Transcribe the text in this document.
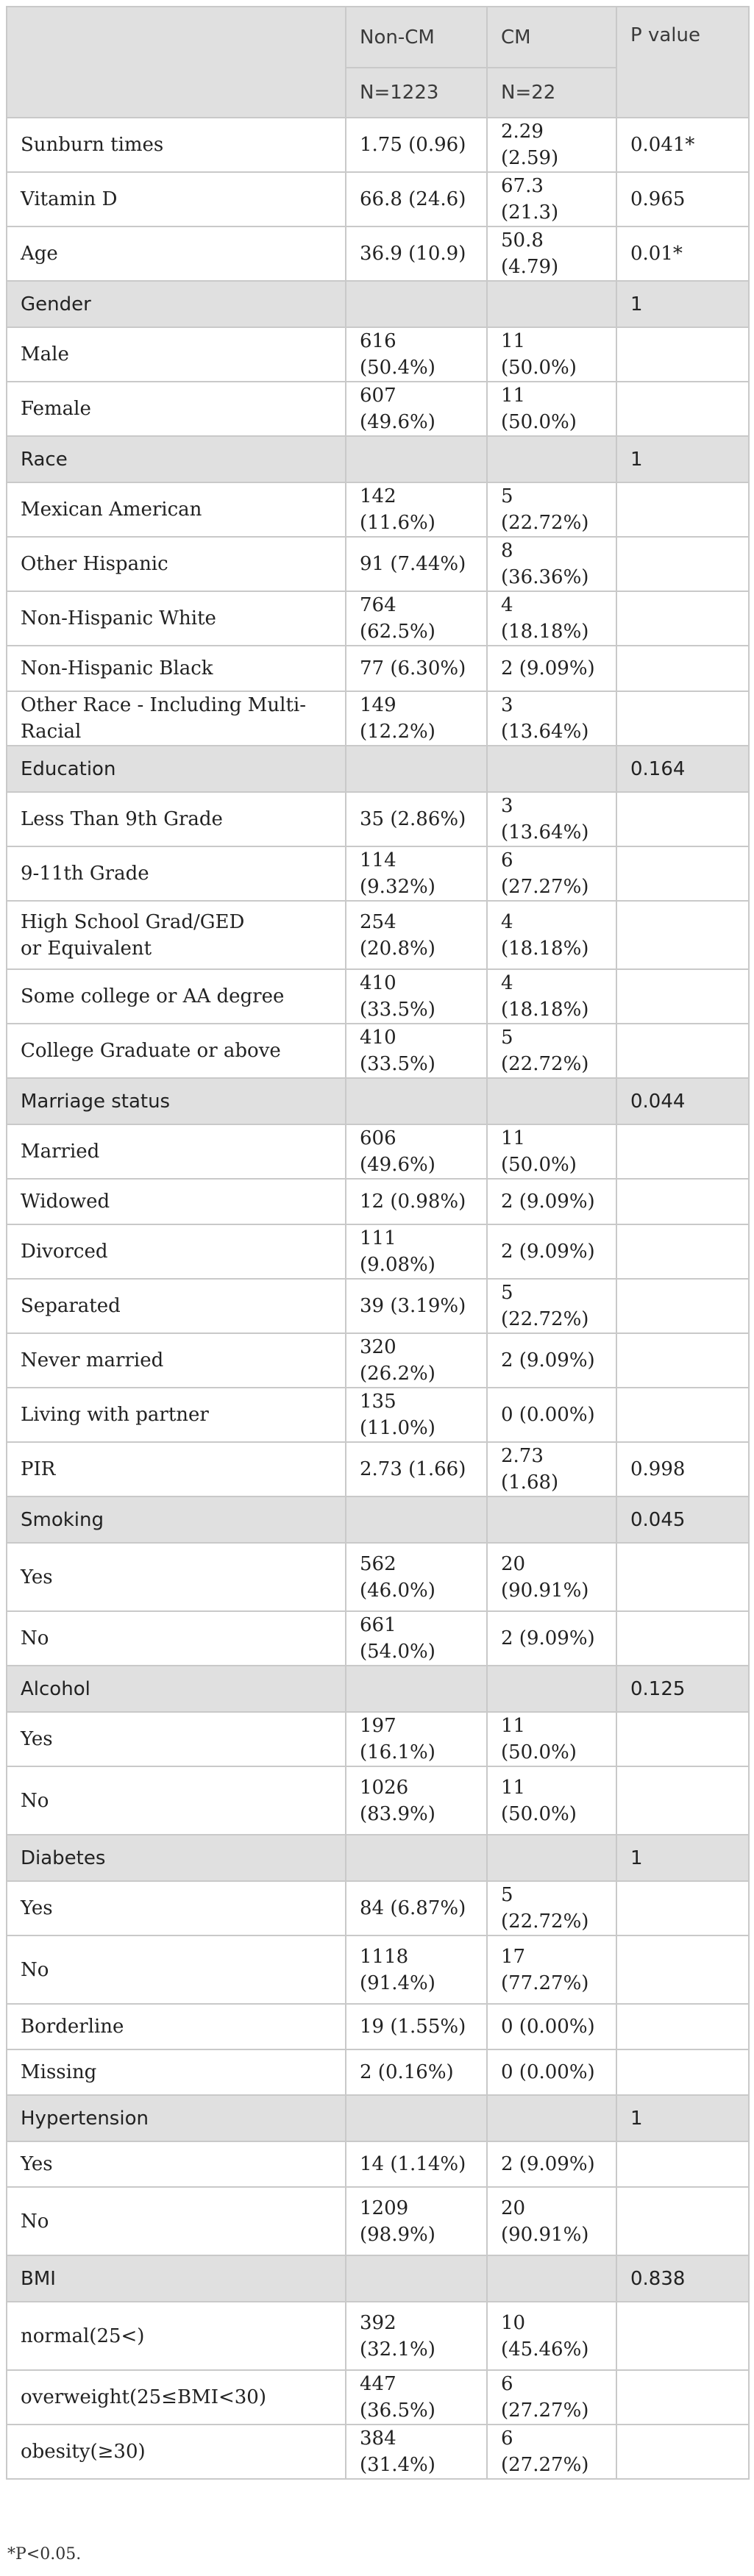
	Non-CM	CM	P value
	N=1223	N=22	
Sunburn times	1.75 (0.96)	2.29 (2.59)	0.041*
Vitamin D	66.8 (24.6)	67.3 (21.3)	0.965
Age	36.9 (10.9)	50.8 (4.79)	0.01*
Gender			1
Male	616 (50.4%)	11 (50.0%)	
Female	607 (49.6%)	11 (50.0%)	
Race			1
Mexican American	142 (11.6%)	5 (22.72%)	
Other Hispanic	91 (7.44%)	8 (36.36%)	
Non-Hispanic White	764 (62.5%)	4 (18.18%)	
Non-Hispanic Black	77 (6.30%)	2 (9.09%)	
Other Race - Including Multi-Racial	149 (12.2%)	3 (13.64%)	
Education			0.164
Less Than 9th Grade	35 (2.86%)	3 (13.64%)	
9-11th Grade	114 (9.32%)	6 (27.27%)	
High School Grad/GED
or Equivalent	254 (20.8%)	4 (18.18%)	
Some college or AA degree	410 (33.5%)	4 (18.18%)	
College Graduate or above	410 (33.5%)	5 (22.72%)	
Marriage status			0.044
Married	606 (49.6%)	11 (50.0%)	
Widowed	12 (0.98%)	2 (9.09%)	
Divorced	111 (9.08%)	2 (9.09%)	
Separated	39 (3.19%)	5 (22.72%)	
Never married	320 (26.2%)	2 (9.09%)	
Living with partner	135 (11.0%)	0 (0.00%)	
PIR	2.73 (1.66)	2.73 (1.68)	0.998
Smoking			0.045
Yes	562 (46.0%)	20 (90.91%)	
No	661 (54.0%)	2 (9.09%)	
Alcohol			0.125
Yes	197 (16.1%)	11 (50.0%)	
No	1026 (83.9%)	11 (50.0%)	
Diabetes			1
Yes	84 (6.87%)	5 (22.72%)	
No	1118 (91.4%)	17 (77.27%)	
Borderline	19 (1.55%)	0 (0.00%)	
Missing	2 (0.16%)	0 (0.00%)	
Hypertension			1
Yes	14 (1.14%)	2 (9.09%)	
No	1209 (98.9%)	20 (90.91%)	
BMI			0.838
normal(25<)	392 (32.1%)	10 (45.46%)	
overweight(25≤BMI<30)	447 (36.5%)	6 (27.27%)	
obesity(≥30)	384 (31.4%)	6 (27.27%)	
*P<0.05.
